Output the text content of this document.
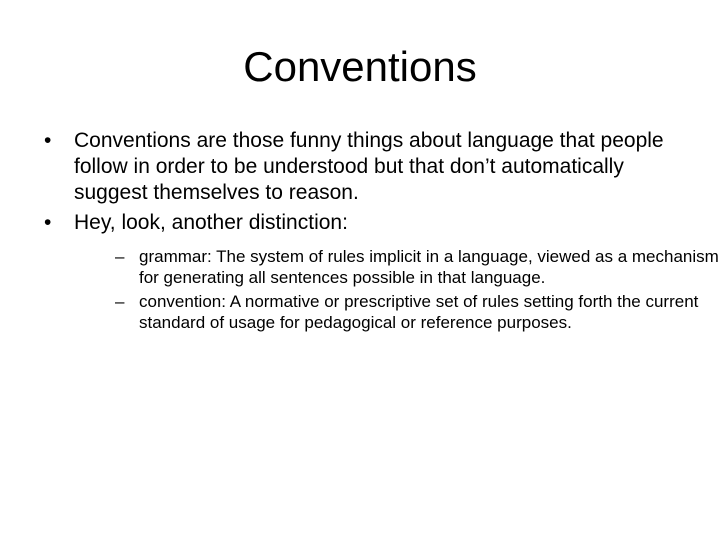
Conventions
• Conventions are those funny things about language that people follow in order to be understood but that don’t automatically suggest themselves to reason.
• Hey, look, another distinction:
– grammar: The system of rules implicit in a language, viewed as a mechanism for generating all sentences possible in that language.
– convention: A normative or prescriptive set of rules setting forth the current standard of usage for pedagogical or reference purposes.
